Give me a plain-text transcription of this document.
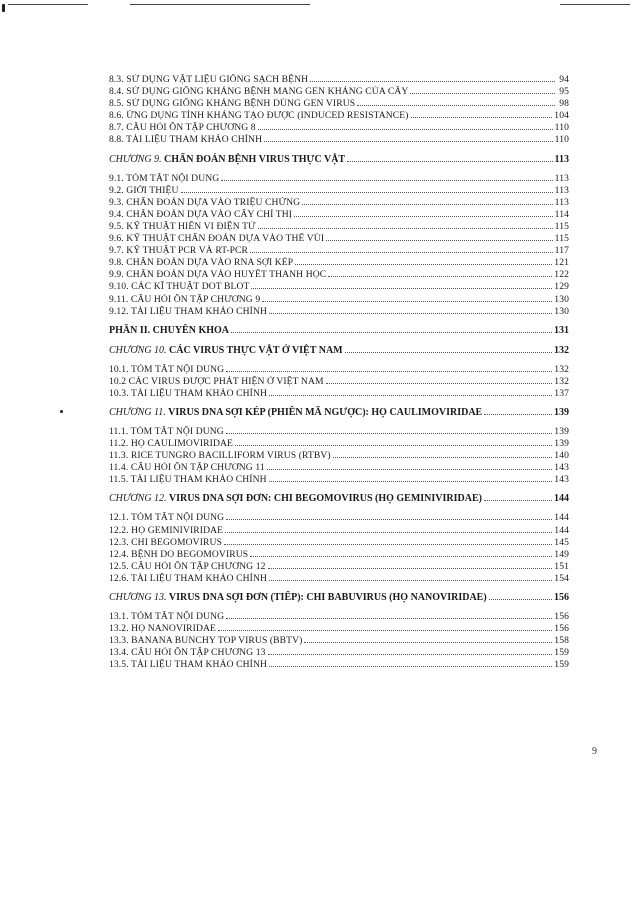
8.3. SỬ DỤNG VẬT LIỆU GIỐNG SẠCH BỆNH	94
8.4. SỬ DỤNG GIỐNG KHÁNG BỆNH MANG GEN KHÁNG CỦA CÂY	95
8.5. SỬ DỤNG GIỐNG KHÁNG BỆNH DÙNG GEN VIRUS	98
8.6. ỨNG DỤNG TÍNH KHÁNG TẠO ĐƯỢC (INDUCED RESISTANCE)	104
8.7. CÂU HỎI ÔN TẬP CHƯƠNG 8	110
8.8. TÀI LIỆU THAM KHẢO CHÍNH	110
CHƯƠNG 9. CHẨN ĐOÁN BỆNH VIRUS THỰC VẬT	113
9.1. TÓM TẮT NỘI DUNG	113
9.2. GIỚI THIỆU	113
9.3. CHẨN ĐOÁN DỰA VÀO TRIỆU CHỨNG	113
9.4. CHẨN ĐOÁN DỰA VÀO CÂY CHỈ THỊ	114
9.5. KỸ THUẬT HIỂN VI ĐIỆN TỬ	115
9.6. KỸ THUẬT CHẨN ĐOÁN DỰA VÀO THỂ VÙI	115
9.7. KỸ THUẬT PCR VÀ RT-PCR	117
9.8. CHẨN ĐOÁN DỰA VÀO RNA SỢI KÉP	121
9.9. CHẨN ĐOÁN DỰA VÀO HUYẾT THANH HỌC	122
9.10. CÁC KĨ THUẬT DOT BLOT	129
9.11. CÂU HỎI ÔN TẬP CHƯƠNG 9	130
9.12. TÀI LIỆU THAM KHẢO CHÍNH	130
PHẦN II. CHUYÊN KHOA	131
CHƯƠNG 10. CÁC VIRUS THỰC VẬT Ở VIỆT NAM	132
10.1. TÓM TẮT NỘI DUNG	132
10.2 CÁC VIRUS ĐƯỢC PHÁT HIỆN Ở VIỆT NAM	132
10.3. TÀI LIỆU THAM KHẢO CHÍNH	137
CHƯƠNG 11. VIRUS DNA SỢI KÉP (PHIÊN MÃ NGƯỢC): HỌ CAULIMOVIRIDAE	139
11.1. TÓM TẮT NỘI DUNG	139
11.2. HỌ CAULIMOVIRIDAE	139
11.3. RICE TUNGRO BACILLIFORM VIRUS (RTBV)	140
11.4. CÂU HỎI ÔN TẬP CHƯƠNG 11	143
11.5. TÀI LIỆU THAM KHẢO CHÍNH	143
CHƯƠNG 12. VIRUS DNA SỢI ĐƠN: CHI BEGOMOVIRUS (HỌ GEMINIVIRIDAE)	144
12.1. TÓM TẮT NỘI DUNG	144
12.2. HỌ GEMINIVIRIDAE	144
12.3. CHI BEGOMOVIRUS	145
12.4. BỆNH DO BEGOMOVIRUS	149
12.5. CÂU HỎI ÔN TẬP CHƯƠNG 12	151
12.6. TÀI LIỆU THAM KHẢO CHÍNH	154
CHƯƠNG 13. VIRUS DNA SỢI ĐƠN (TIẾP): CHI BABUVIRUS (HỌ NANOVIRIDAE)	156
13.1. TÓM TẮT NỘI DUNG	156
13.2. HỌ NANOVIRIDAE	156
13.3. BANANA BUNCHY TOP VIRUS (BBTV)	158
13.4. CÂU HỎI ÔN TẬP CHƯƠNG 13	159
13.5. TÀI LIỆU THAM KHẢO CHÍNH	159
9
